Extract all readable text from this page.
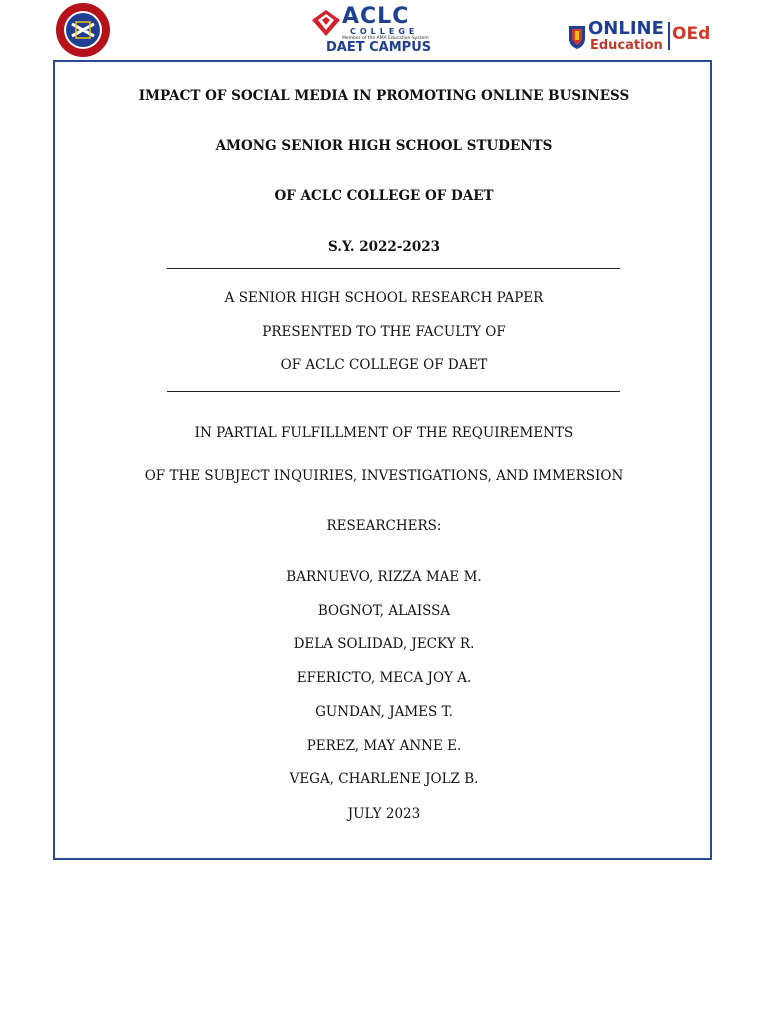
ACLC
COLLEGE
Member of the AMA Education System
DAET CAMPUS
ONLINE
Education
OEd
IMPACT OF SOCIAL MEDIA IN PROMOTING ONLINE BUSINESS
AMONG SENIOR HIGH SCHOOL STUDENTS
OF ACLC COLLEGE OF DAET
S.Y. 2022-2023
A SENIOR HIGH SCHOOL RESEARCH PAPER
PRESENTED TO THE FACULTY OF
OF ACLC COLLEGE OF DAET
IN PARTIAL FULFILLMENT OF THE REQUIREMENTS
OF THE SUBJECT INQUIRIES, INVESTIGATIONS, AND IMMERSION
RESEARCHERS:
BARNUEVO, RIZZA MAE M.
BOGNOT, ALAISSA
DELA SOLIDAD, JECKY R.
EFERICTO, MECA JOY A.
GUNDAN, JAMES T.
PEREZ, MAY ANNE E.
VEGA, CHARLENE JOLZ B.
JULY 2023
